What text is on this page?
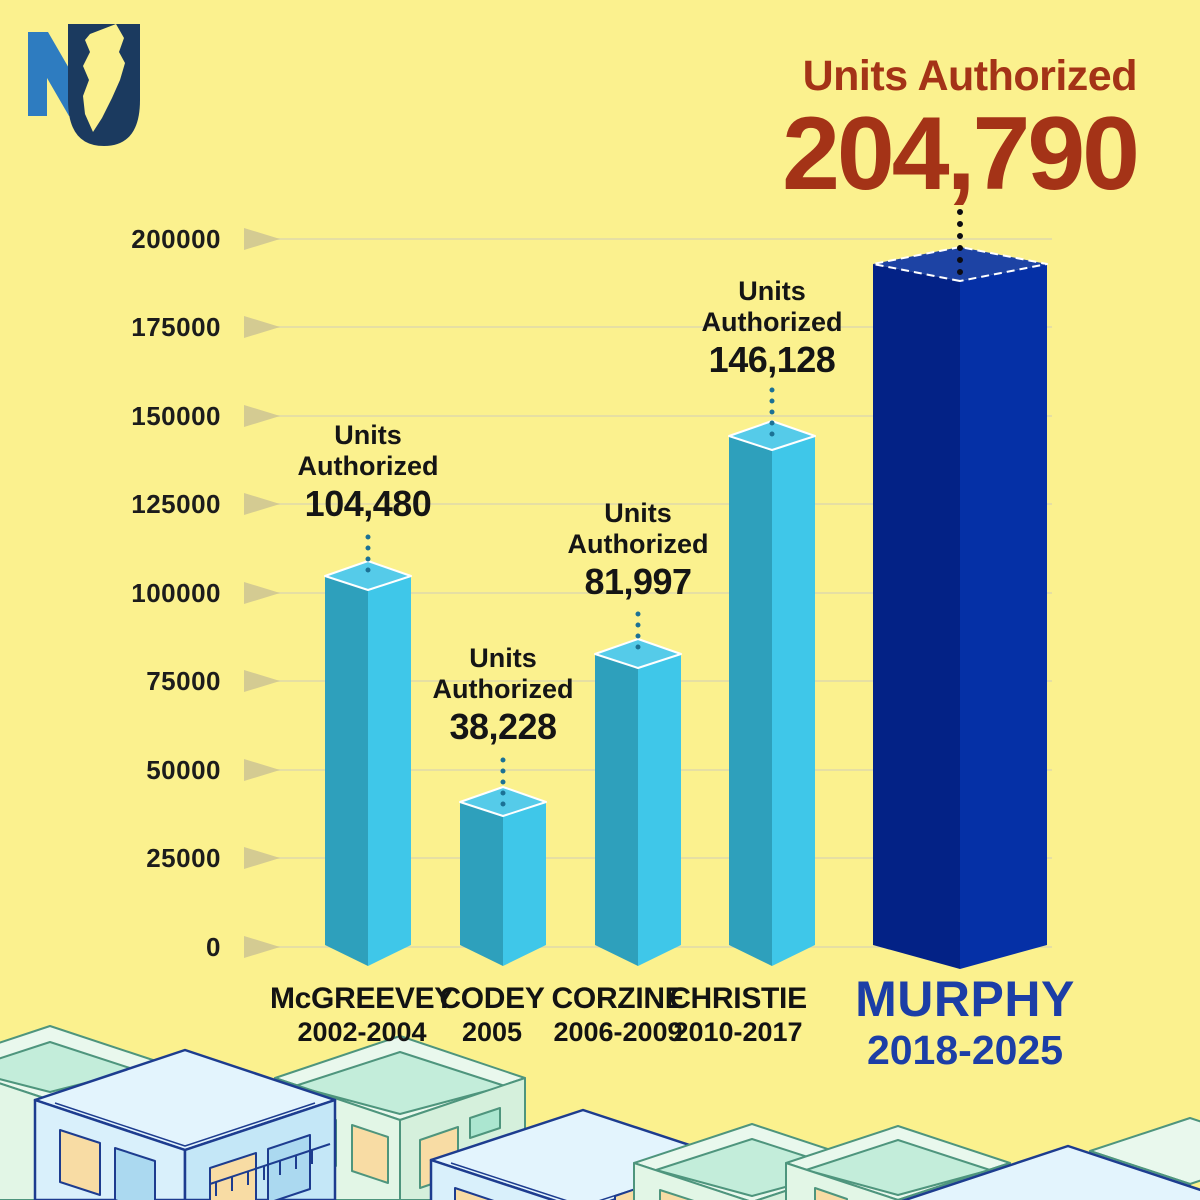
Units Authorized
204,790
200000
175000
150000
125000
100000
75000
50000
25000
0
Units
Authorized
104,480
Units
Authorized
38,228
Units
Authorized
81,997
Units
Authorized
146,128
McGREEVEY
2002-2004
CODEY
2005
CORZINE
2006-2009
CHRISTIE
2010-2017
MURPHY
2018-2025
